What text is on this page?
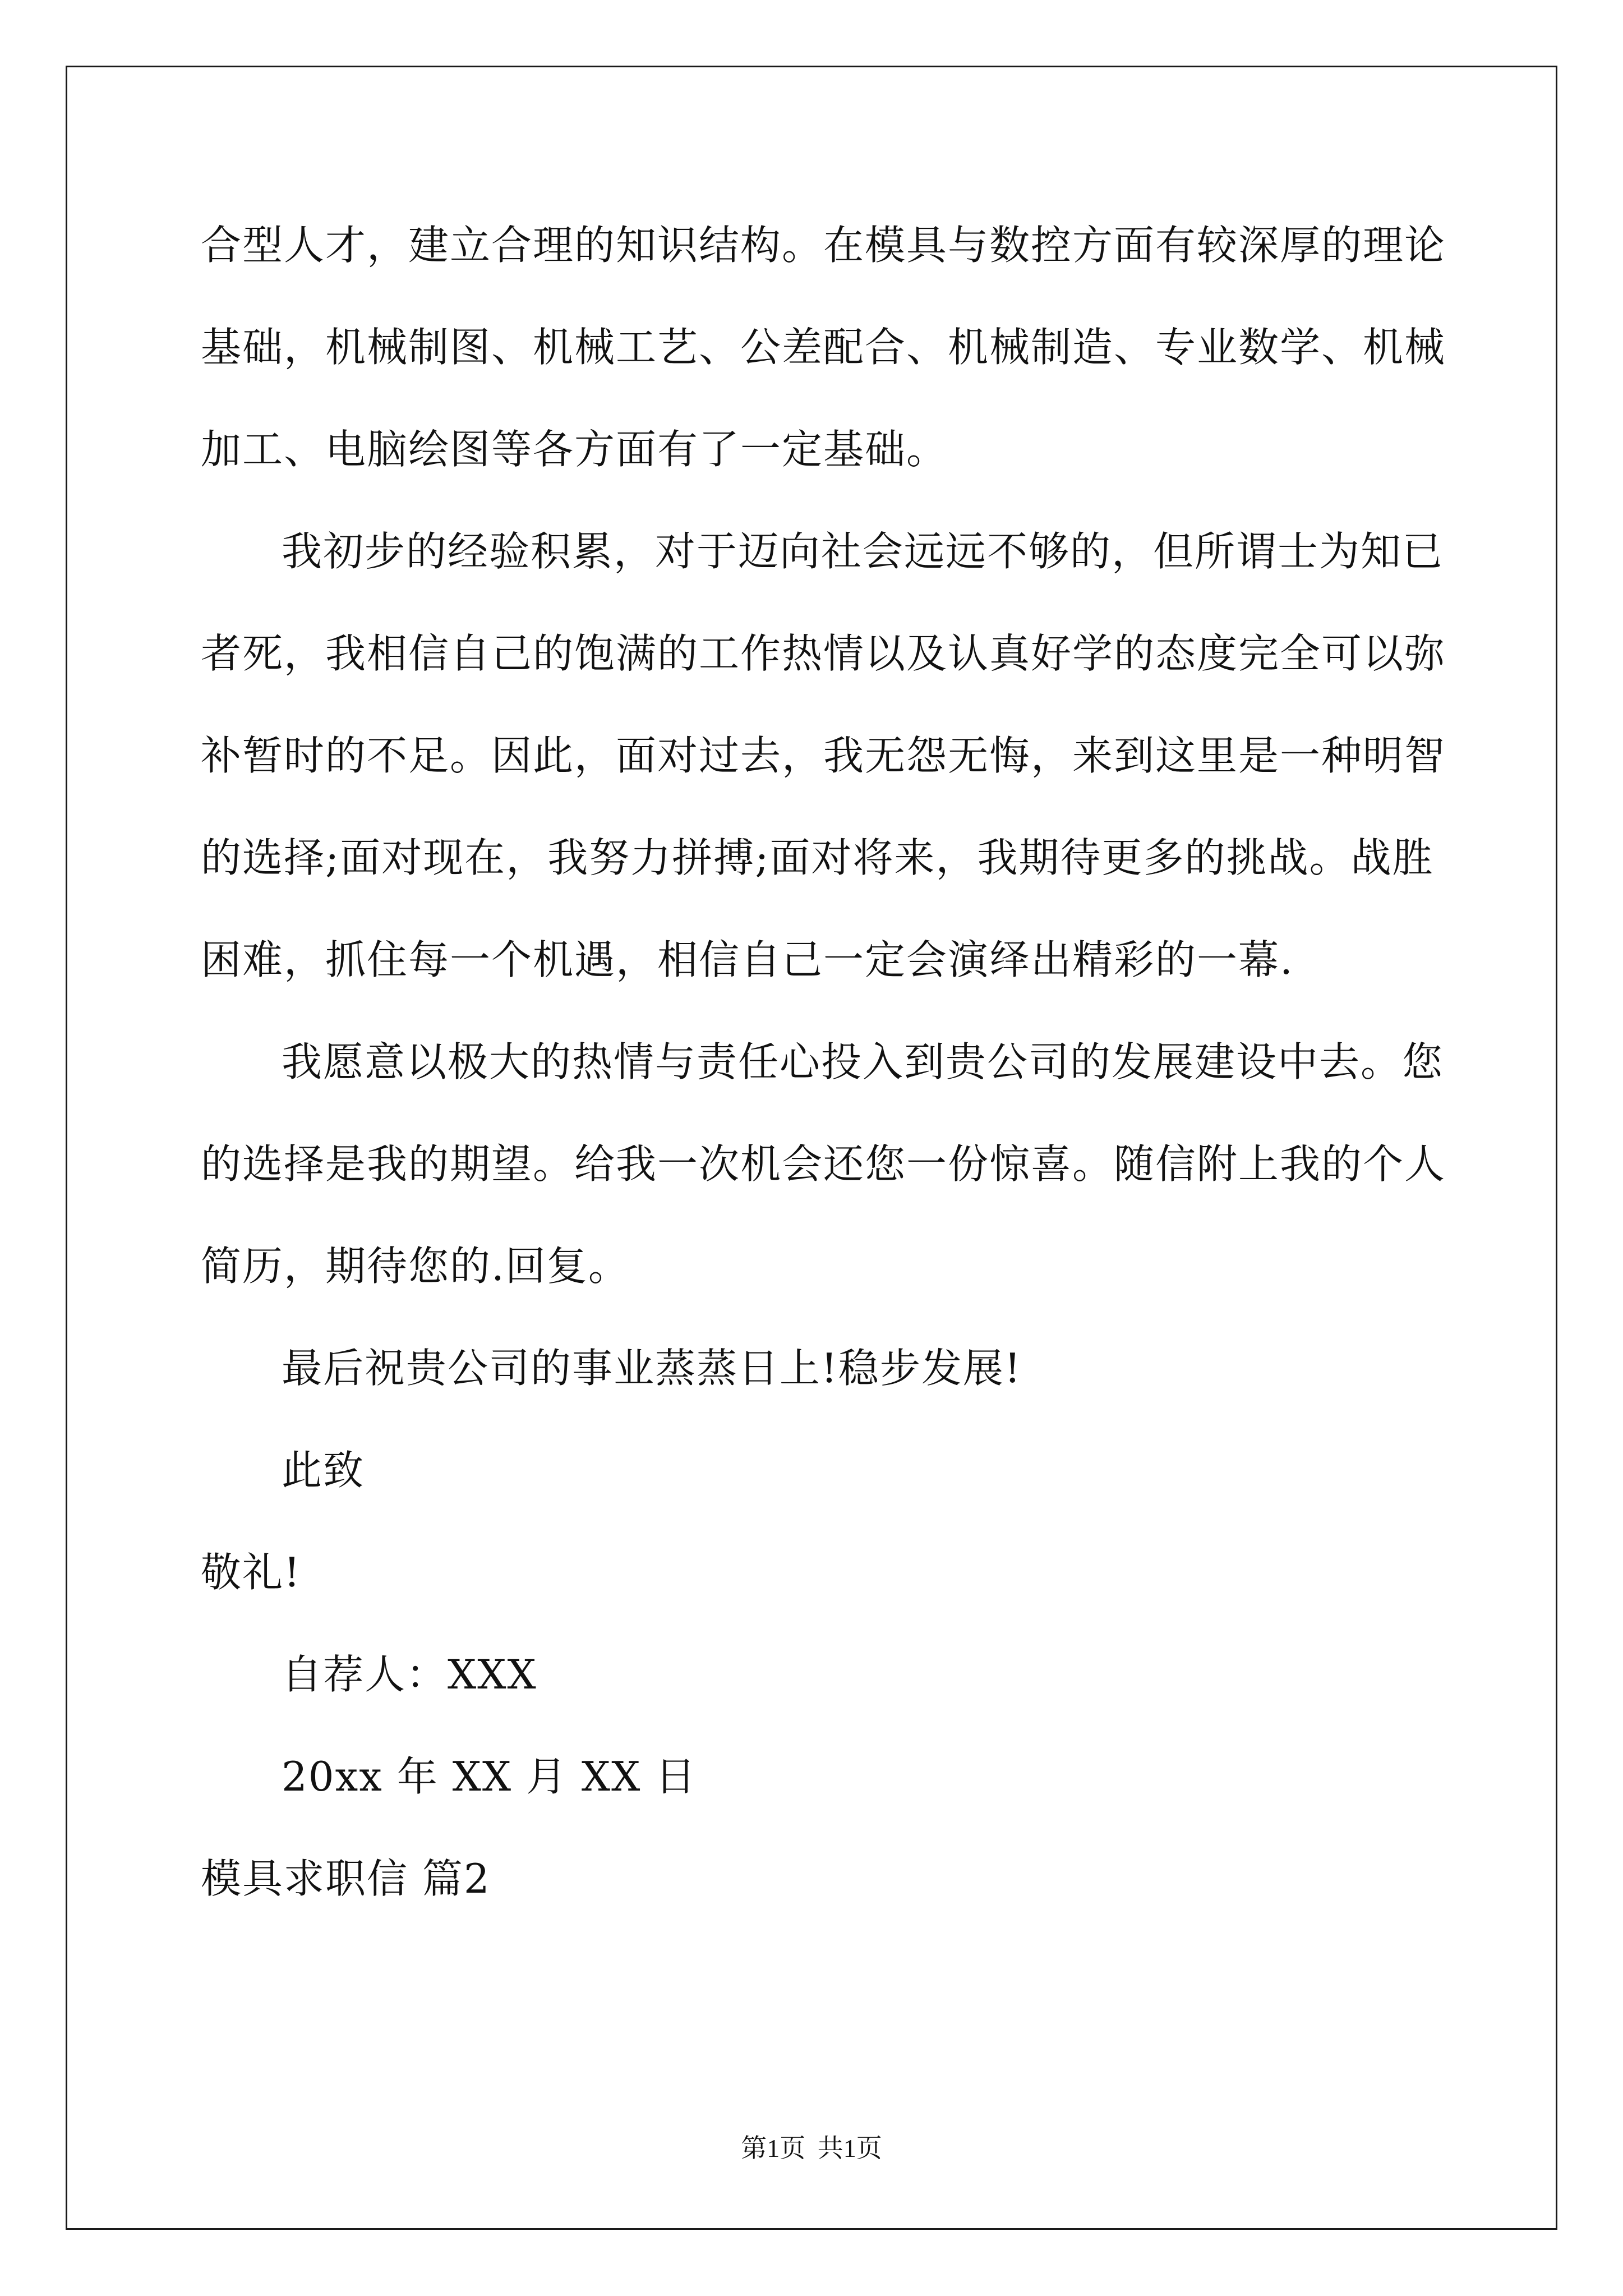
合型人才，建立合理的知识结构。在模具与数控方面有较深厚的理论
基础，机械制图、机械工艺、公差配合、机械制造、专业数学、机械
加工、电脑绘图等各方面有了一定基础。
我初步的经验积累，对于迈向社会远远不够的，但所谓士为知已
者死，我相信自己的饱满的工作热情以及认真好学的态度完全可以弥
补暂时的不足。因此，面对过去，我无怨无悔，来到这里是一种明智
的选择;面对现在，我努力拼搏;面对将来，我期待更多的挑战。战胜
困难，抓住每一个机遇，相信自己一定会演绎出精彩的一幕.
我愿意以极大的热情与责任心投入到贵公司的发展建设中去。您
的选择是我的期望。给我一次机会还您一份惊喜。随信附上我的个人
简历，期待您的.回复。
最后祝贵公司的事业蒸蒸日上!稳步发展!
此致
敬礼!
自荐人：XXX
20xx 年 XX 月 XX 日
模具求职信 篇2
第1页 共1页
